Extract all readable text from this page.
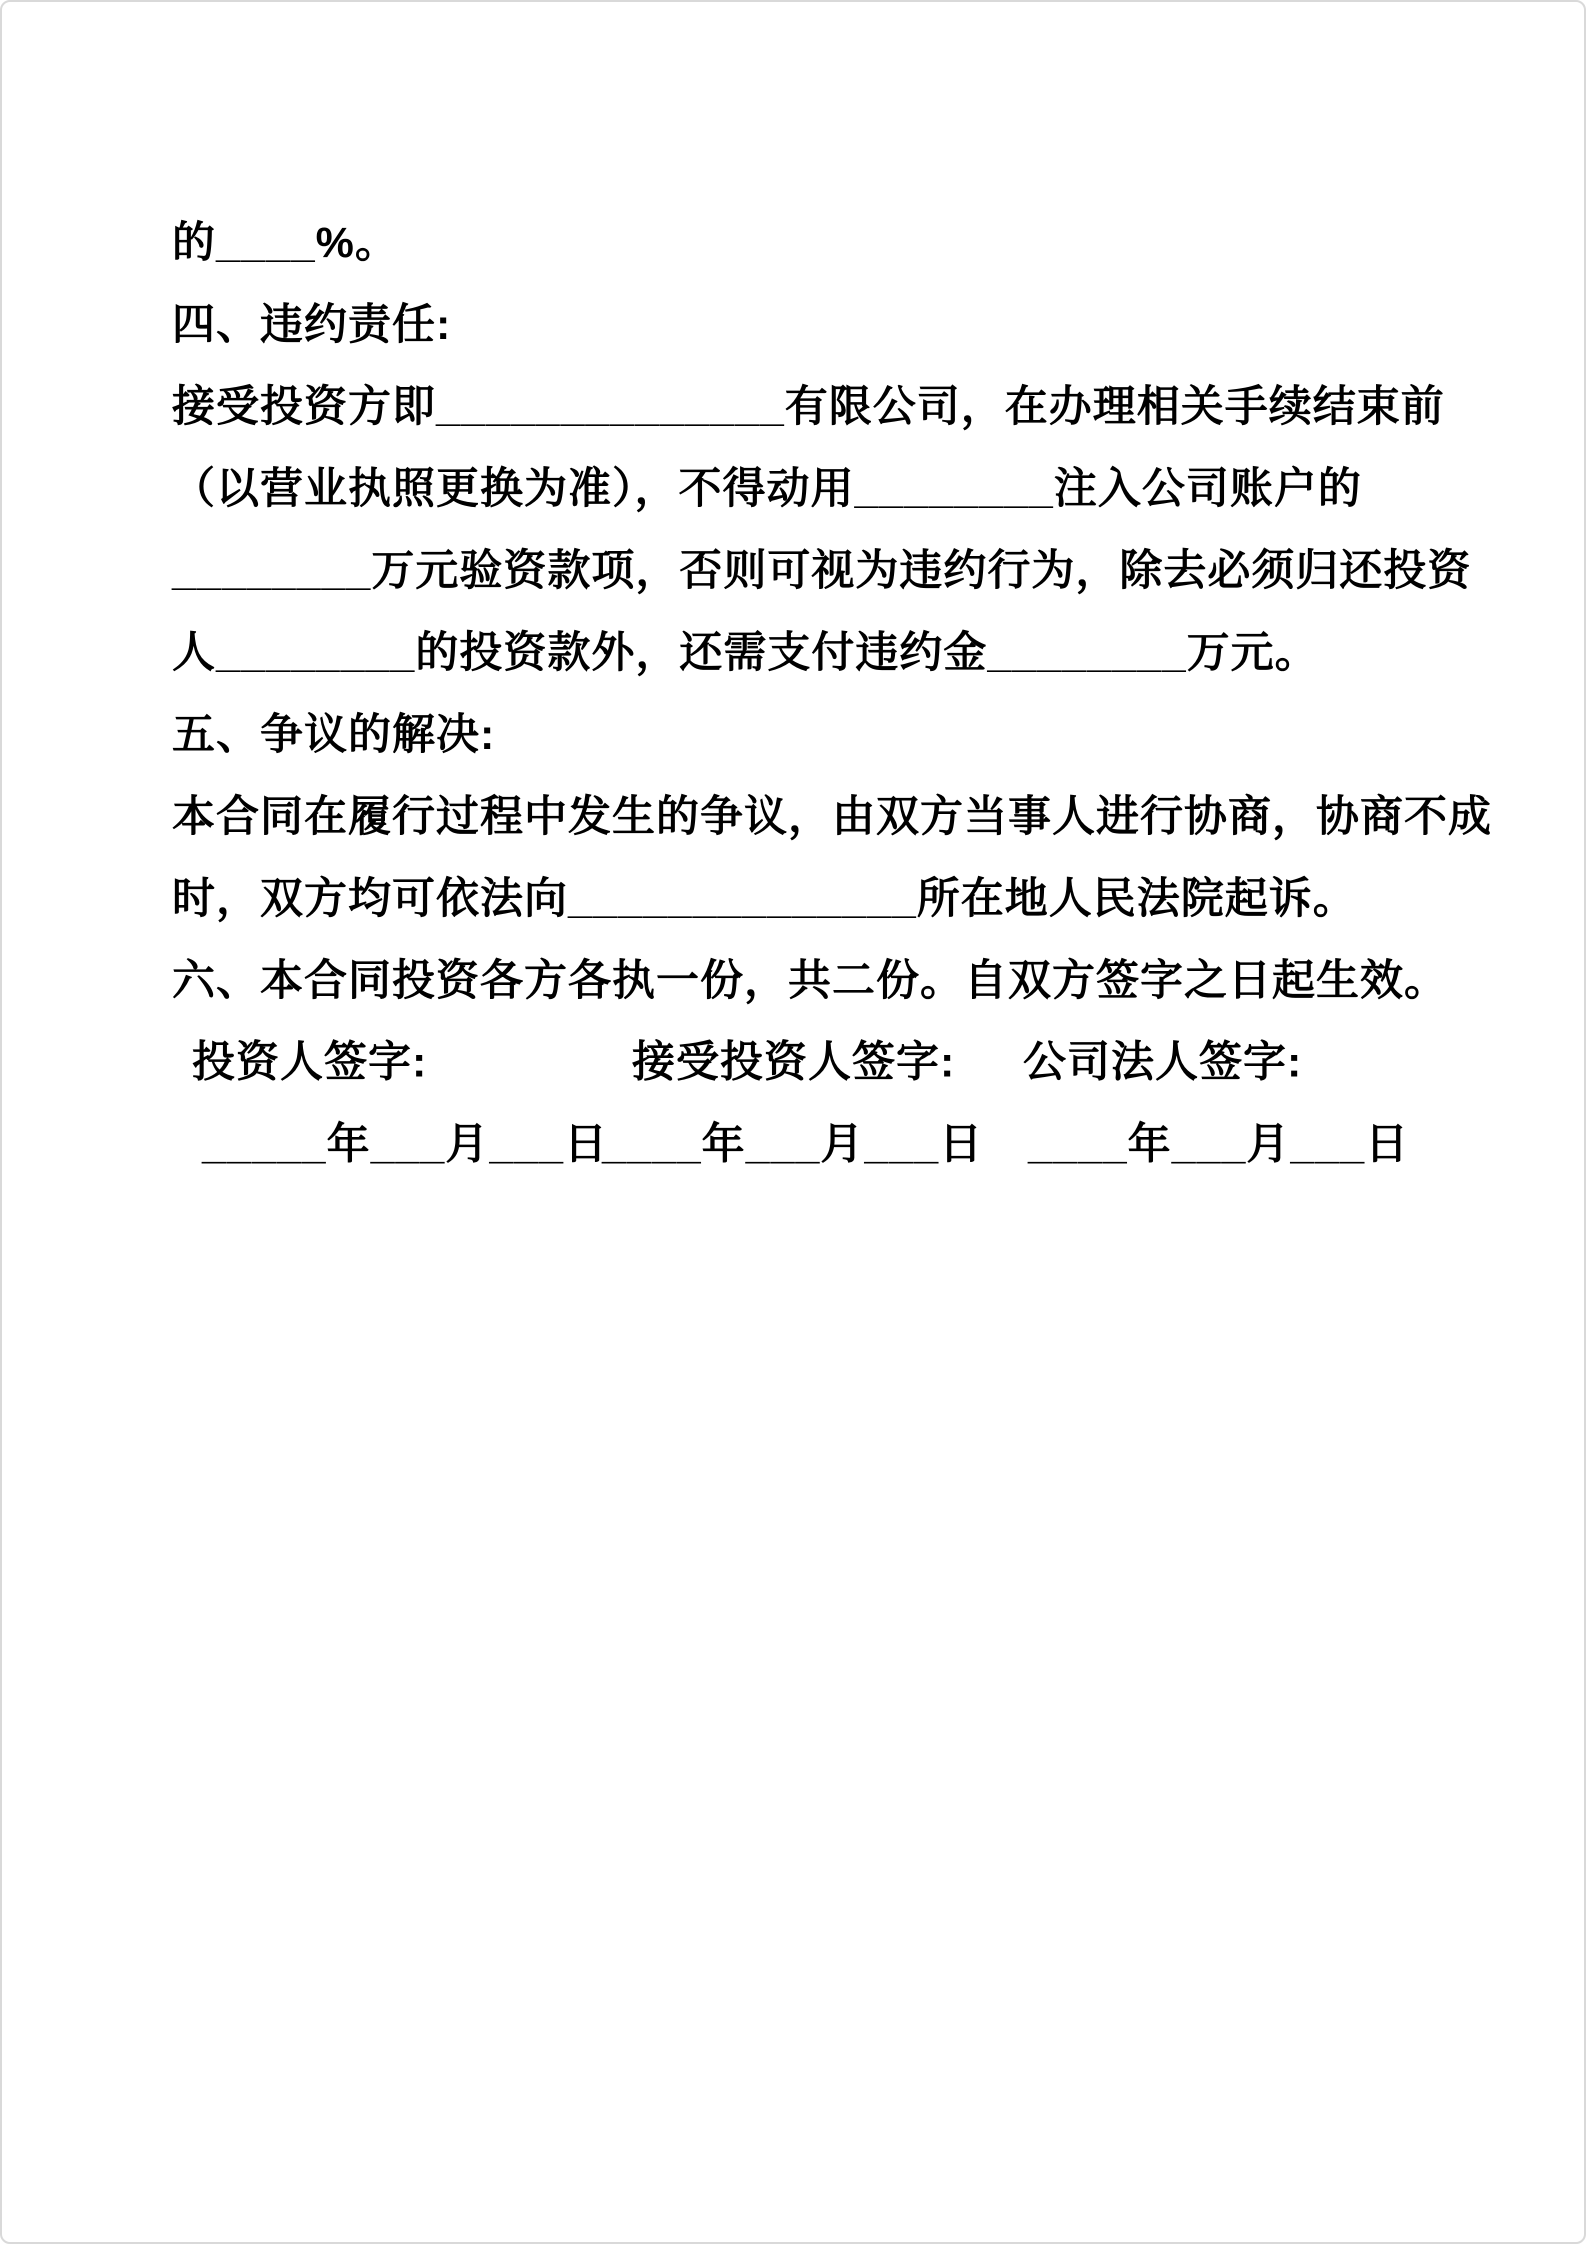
的____%。
四、违约责任:
接受投资方即______________有限公司，在办理相关手续结束前
（以营业执照更换为准），不得动用________注入公司账户的
________万元验资款项，否则可视为违约行为，除去必须归还投资
人________的投资款外，还需支付违约金________万元。
五、争议的解决:
本合同在履行过程中发生的争议，由双方当事人进行协商，协商不成
时，双方均可依法向______________所在地人民法院起诉。
六、本合同投资各方各执一份，共二份。自双方签字之日起生效。
投资人签字:	接受投资人签字: 公司法人签字:
_____年___月___日
____年___月___日 ____年___月___日
